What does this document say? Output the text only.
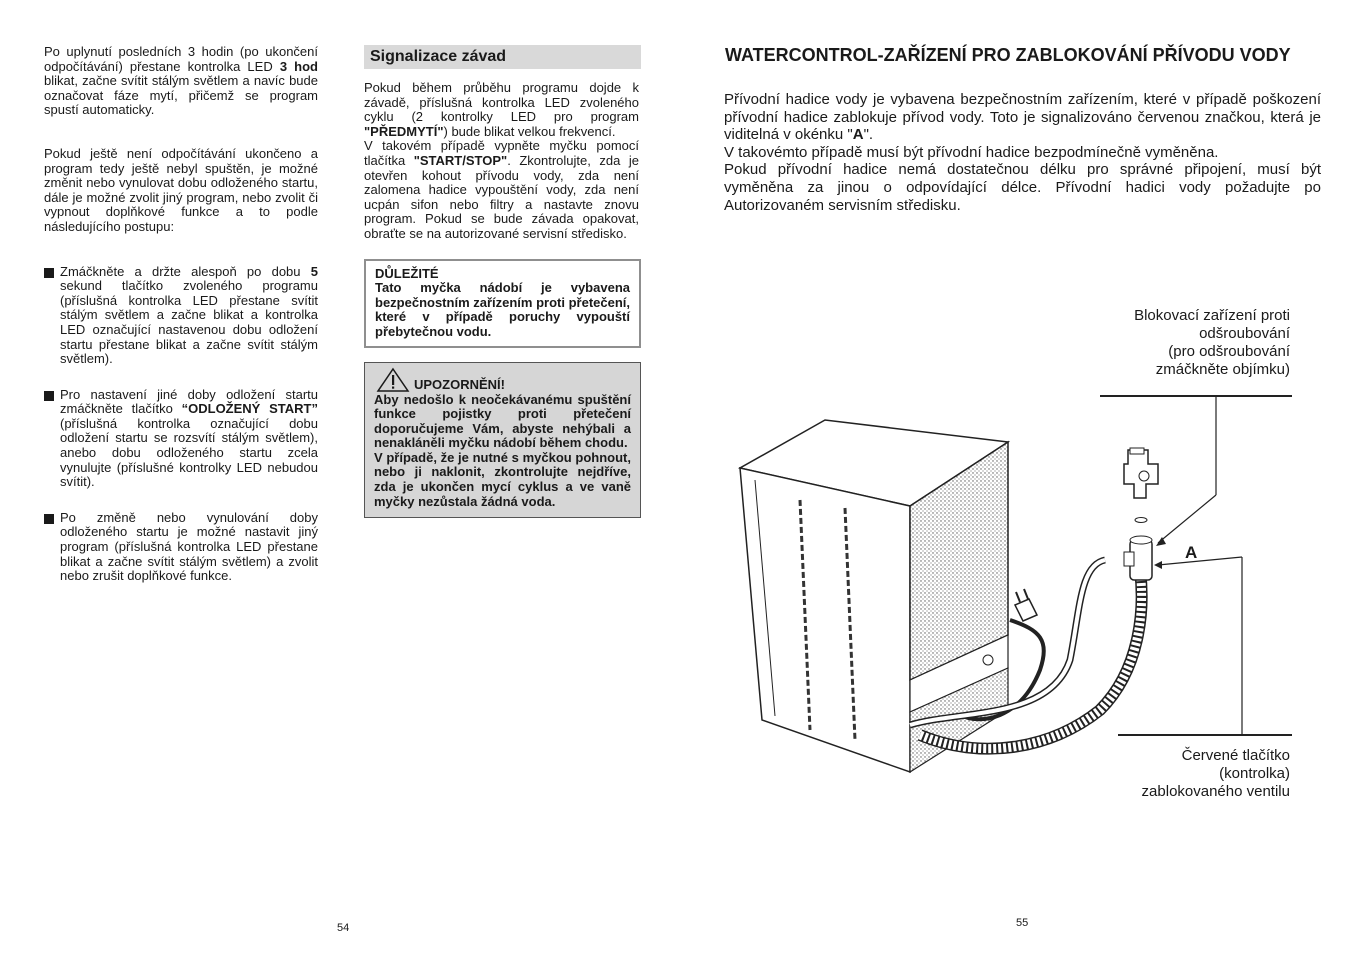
Po uplynutí posledních 3 hodin (po ukončení odpočítávání) přestane kontrolka LED 3 hod blikat, začne svítit stálým světlem a navíc bude označovat fáze mytí, přičemž se program spustí automaticky.

Pokud ještě není odpočítávání ukončeno a program tedy ještě nebyl spuštěn, je možné změnit nebo vynulovat dobu odloženého startu, dále je možné zvolit jiný program, nebo zvolit či vypnout doplňkové funkce a to podle následujícího postupu:

Zmáčkněte a držte alespoň po dobu 5 sekund tlačítko zvoleného programu (příslušná kontrolka LED přestane svítit stálým světlem a začne blikat a kontrolka LED označující nastavenou dobu odložení startu přestane blikat a začne svítit stálým světlem).
Pro nastavení jiné doby odložení startu zmáčkněte tlačítko “ODLOŽENÝ START” (příslušná kontrolka označující dobu odložení startu se rozsvítí stálým světlem), anebo dobu odloženého startu zcela vynulujte (příslušné kontrolky LED nebudou svítit).
Po změně nebo vynulování doby odloženého startu je možné nastavit jiný program (příslušná kontrolka LED přestane blikat a začne svítit stálým světlem) a zvolit nebo zrušit doplňkové funkce.
Signalizace závad

Pokud během průběhu programu dojde k závadě, příslušná kontrolka LED zvoleného cyklu (2 kontrolky LED pro program "PŘEDMYTÍ") bude blikat velkou frekvencí.

V takovém případě vypněte myčku pomocí tlačítka "START/STOP". Zkontrolujte, zda je otevřen kohout přívodu vody, zda není zalomena hadice vypouštění vody, zda není ucpán sifon nebo filtry a nastavte znovu program. Pokud se bude závada opakovat, obraťte se na autorizované servisní středisko.

DŮLEŽITÉ
Tato myčka nádobí je vybavena bezpečnostním zařízením proti přetečení, které v případě poruchy vypouští přebytečnou vodu.
UPOZORNĚNÍ!
Aby nedošlo k neočekávanému spuštění funkce pojistky proti přetečení doporučujeme Vám, abyste nehýbali a nenakláněli myčku nádobí během chodu.
V případě, že je nutné s myčkou pohnout, nebo ji naklonit, zkontrolujte nejdříve, zda je ukončen mycí cyklus a ve vaně myčky nezůstala žádná voda.
54
WATERCONTROL-ZAŘÍZENÍ PRO ZABLOKOVÁNÍ PŘÍVODU VODY

Přívodní hadice vody je vybavena bezpečnostním zařízením, které v případě poškození přívodní hadice zablokuje přívod vody. Toto je signalizováno červenou značkou, která je viditelná v okénku "A".

V takovémto případě musí být přívodní hadice bezpodmínečně vyměněna.

Pokud přívodní hadice nemá dostatečnou délku pro správné připojení, musí být vyměněna za jinou o odpovídající délce. Přívodní hadici vody požadujte po Autorizovaném servisním středisku.

Blokovací zařízení proti
odšroubování
(pro odšroubování
zmáčkněte objímku)
Červené tlačítko
(kontrolka)
zablokovaného ventilu
A
55
